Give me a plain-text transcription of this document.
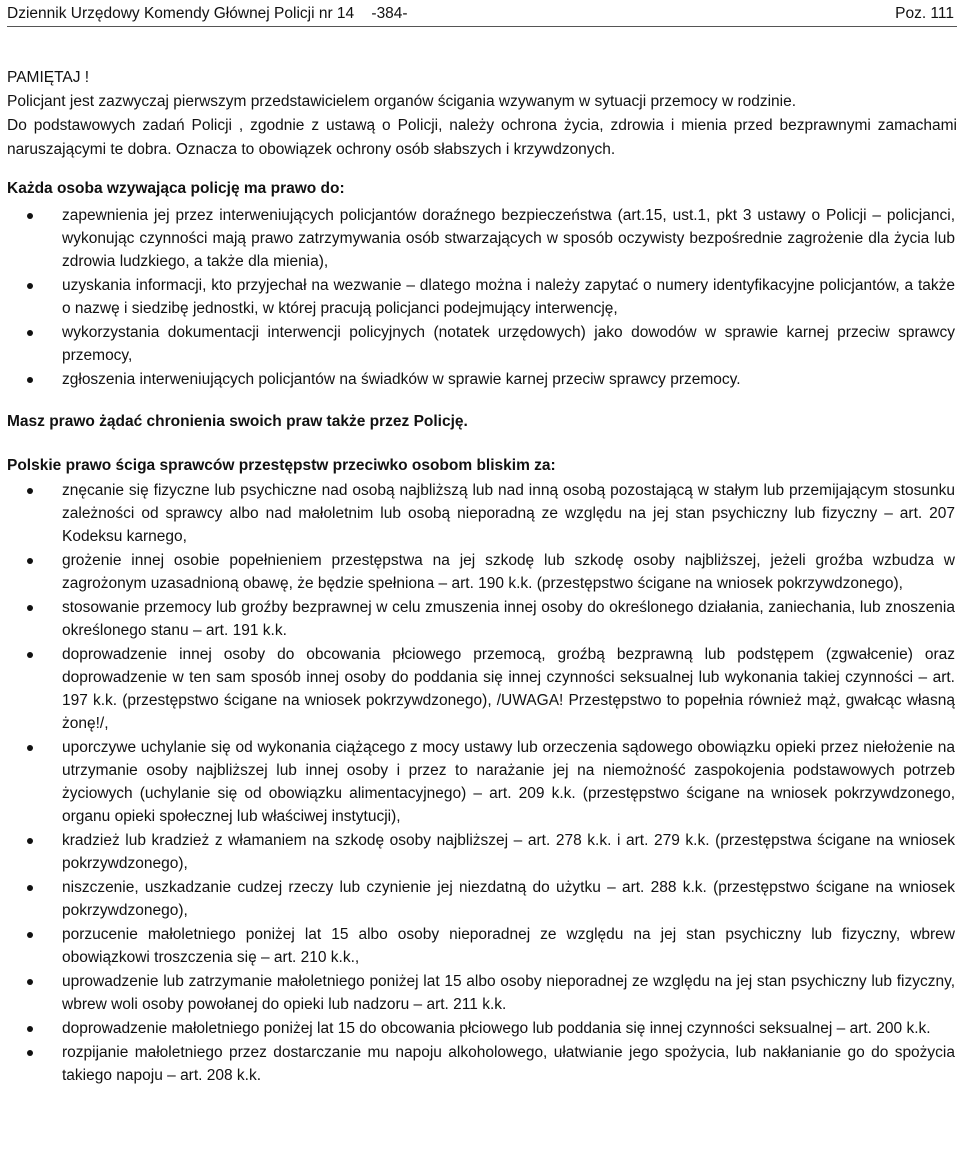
Dziennik Urzędowy Komendy Głównej Policji nr 14    -384-	Poz. 111
PAMIĘTAJ !

Policjant jest zazwyczaj pierwszym przedstawicielem organów ścigania wzywanym w sytuacji przemocy w rodzinie.

Do podstawowych zadań Policji , zgodnie z ustawą o Policji, należy ochrona życia, zdrowia i mienia przed bezprawnymi zamachami naruszającymi te dobra. Oznacza to obowiązek ochrony osób słabszych i krzywdzonych.

Każda osoba wzywająca policję ma prawo do:

zapewnienia jej przez interweniujących policjantów doraźnego bezpieczeństwa (art.15, ust.1, pkt 3 ustawy o Policji – policjanci, wykonując czynności mają prawo zatrzymywania osób stwarzających w sposób oczywisty bezpośrednie zagrożenie dla życia lub zdrowia ludzkiego, a także dla mienia),
uzyskania informacji, kto przyjechał na wezwanie – dlatego można i należy zapytać o numery identyfikacyjne policjantów, a także o nazwę i siedzibę jednostki, w której pracują policjanci podejmujący interwencję,
wykorzystania dokumentacji interwencji policyjnych (notatek urzędowych) jako dowodów w sprawie karnej przeciw sprawcy przemocy,
zgłoszenia interweniujących policjantów na świadków w sprawie karnej przeciw sprawcy przemocy.

Masz prawo żądać chronienia swoich praw także przez Policję.

Polskie prawo ściga sprawców przestępstw przeciwko osobom bliskim za:

znęcanie się fizyczne lub psychiczne nad osobą najbliższą lub nad inną osobą pozostającą w stałym lub przemijającym stosunku zależności od sprawcy albo nad małoletnim lub osobą nieporadną ze względu na jej stan psychiczny lub fizyczny – art. 207 Kodeksu karnego,
grożenie innej osobie popełnieniem przestępstwa na jej szkodę lub szkodę osoby najbliższej, jeżeli groźba wzbudza w zagrożonym uzasadnioną obawę, że będzie spełniona – art. 190 k.k. (przestępstwo ścigane na wniosek pokrzywdzonego),
stosowanie przemocy lub groźby bezprawnej w celu zmuszenia innej osoby do określonego działania, zaniechania, lub znoszenia określonego stanu – art. 191 k.k.
doprowadzenie innej osoby do obcowania płciowego przemocą, groźbą bezprawną lub podstępem (zgwałcenie) oraz doprowadzenie w ten sam sposób innej osoby do poddania się innej czynności seksualnej lub wykonania takiej czynności – art. 197 k.k. (przestępstwo ścigane na wniosek pokrzywdzonego), /UWAGA! Przestępstwo to popełnia również mąż, gwałcąc własną żonę!/,
uporczywe uchylanie się od wykonania ciążącego z mocy ustawy lub orzeczenia sądowego obowiązku opieki przez niełożenie na utrzymanie osoby najbliższej lub innej osoby i przez to narażanie jej na niemożność zaspokojenia podstawowych potrzeb życiowych (uchylanie się od obowiązku alimentacyjnego) – art. 209 k.k. (przestępstwo ścigane na wniosek pokrzywdzonego, organu opieki społecznej lub właściwej instytucji),
kradzież lub kradzież z włamaniem na szkodę osoby najbliższej – art. 278 k.k. i art. 279 k.k. (przestępstwa ścigane na wniosek pokrzywdzonego),
niszczenie, uszkadzanie cudzej rzeczy lub czynienie jej niezdatną do użytku – art. 288 k.k. (przestępstwo ścigane na wniosek pokrzywdzonego),
porzucenie małoletniego poniżej lat 15 albo osoby nieporadnej ze względu na jej stan psychiczny lub fizyczny, wbrew obowiązkowi troszczenia się – art. 210 k.k.,
uprowadzenie lub zatrzymanie małoletniego poniżej lat 15 albo osoby nieporadnej ze względu na jej stan psychiczny lub fizyczny, wbrew woli osoby powołanej do opieki lub nadzoru – art. 211 k.k.
doprowadzenie małoletniego poniżej lat 15 do obcowania płciowego lub poddania się innej czynności seksualnej – art. 200 k.k.
rozpijanie małoletniego przez dostarczanie mu napoju alkoholowego, ułatwianie jego spożycia, lub nakłanianie go do spożycia takiego napoju – art. 208 k.k.
